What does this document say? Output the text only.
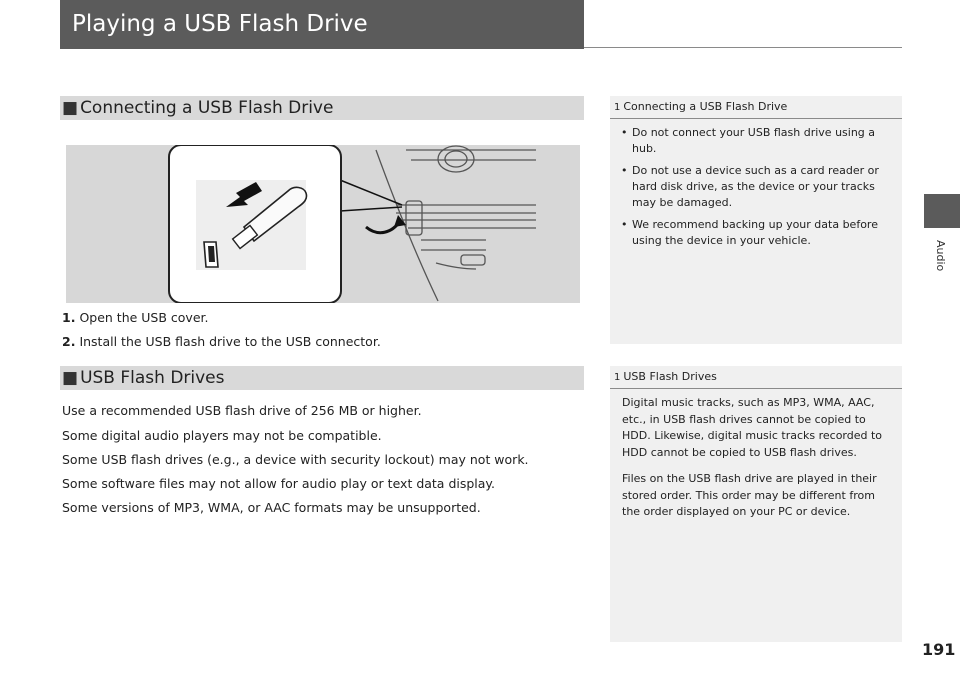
Playing a USB Flash Drive
Audio
■ Connecting a USB Flash Drive
1. Open the USB cover.
2. Install the USB flash drive to the USB connector.
1 Connecting a USB Flash Drive
• Do not connect your USB flash drive using a hub.
• Do not use a device such as a card reader or hard disk drive, as the device or your tracks may be damaged.
• We recommend backing up your data before using the device in your vehicle.
■ USB Flash Drives
Use a recommended USB flash drive of 256 MB or higher.
Some digital audio players may not be compatible.
Some USB flash drives (e.g., a device with security lockout) may not work.
Some software files may not allow for audio play or text data display.
Some versions of MP3, WMA, or AAC formats may be unsupported.
1 USB Flash Drives

Digital music tracks, such as MP3, WMA, AAC, etc., in USB flash drives cannot be copied to HDD. Likewise, digital music tracks recorded to HDD cannot be copied to USB flash drives.

Files on the USB flash drive are played in their stored order. This order may be different from the order displayed on your PC or device.

191
